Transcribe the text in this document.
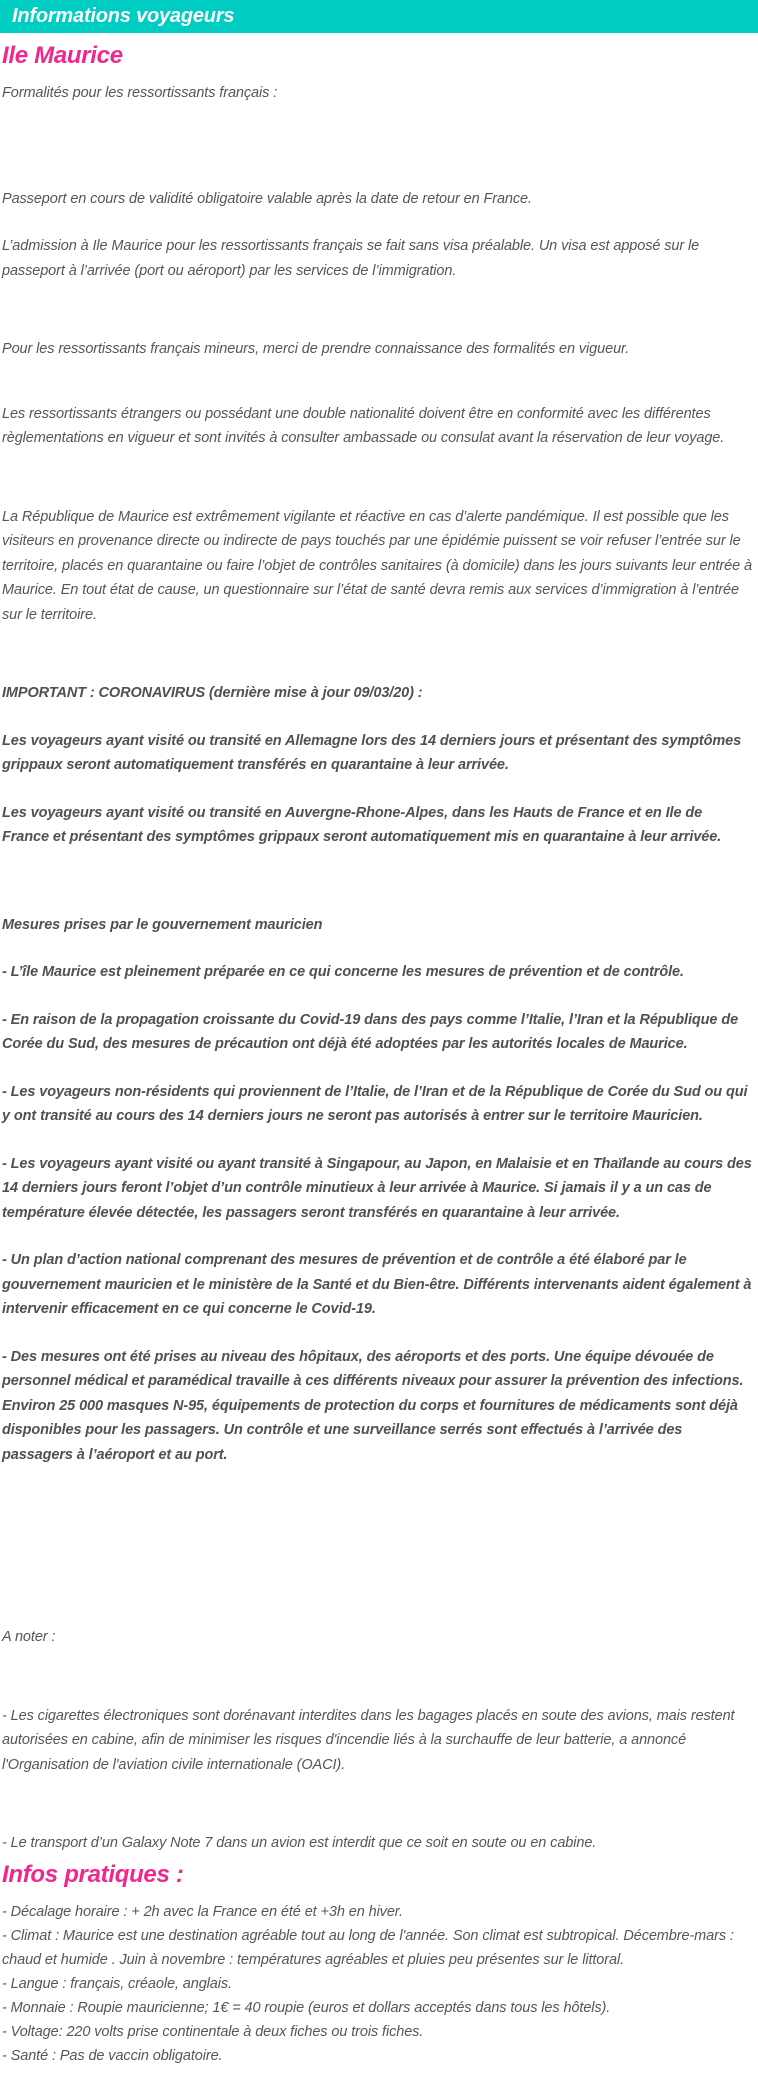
Informations voyageurs
Ile Maurice

Formalités pour les ressortissants français :

Passeport en cours de validité obligatoire valable après la date de retour en France.

L’admission à Ile Maurice pour les ressortissants français se fait sans visa préalable. Un visa est apposé sur le passeport à l’arrivée (port ou aéroport) par les services de l’immigration.

Pour les ressortissants français mineurs, merci de prendre connaissance des formalités en vigueur.

Les ressortissants étrangers ou possédant une double nationalité doivent être en conformité avec les différentes règlementations en vigueur et sont invités à consulter ambassade ou consulat avant la réservation de leur voyage.

La République de Maurice est extrêmement vigilante et réactive en cas d’alerte pandémique. Il est possible que les visiteurs en provenance directe ou indirecte de pays touchés par une épidémie puissent se voir refuser l’entrée sur le territoire, placés en quarantaine ou faire l’objet de contrôles sanitaires (à domicile) dans les jours suivants leur entrée à Maurice. En tout état de cause, un questionnaire sur l’état de santé devra remis aux services d’immigration à l’entrée sur le territoire.

IMPORTANT : CORONAVIRUS (dernière mise à jour 09/03/20) :

Les voyageurs ayant visité ou transité en Allemagne lors des 14 derniers jours et présentant des symptômes grippaux seront automatiquement transférés en quarantaine à leur arrivée.

Les voyageurs ayant visité ou transité en Auvergne-Rhone-Alpes, dans les Hauts de France et en Ile de France et présentant des symptômes grippaux seront automatiquement mis en quarantaine à leur arrivée.

Mesures prises par le gouvernement mauricien

- L’île Maurice est pleinement préparée en ce qui concerne les mesures de prévention et de contrôle.

- En raison de la propagation croissante du Covid-19 dans des pays comme l’Italie, l’Iran et la République de Corée du Sud, des mesures de précaution ont déjà été adoptées par les autorités locales de Maurice.

- Les voyageurs non-résidents qui proviennent de l’Italie, de l’Iran et de la République de Corée du Sud ou qui y ont transité au cours des 14 derniers jours ne seront pas autorisés à entrer sur le territoire Mauricien.

- Les voyageurs ayant visité ou ayant transité à Singapour, au Japon, en Malaisie et en Thaïlande au cours des 14 derniers jours feront l’objet d’un contrôle minutieux à leur arrivée à Maurice. Si jamais il y a un cas de température élevée détectée, les passagers seront transférés en quarantaine à leur arrivée.

- Un plan d’action national comprenant des mesures de prévention et de contrôle a été élaboré par le gouvernement mauricien et le ministère de la Santé et du Bien-être. Différents intervenants aident également à intervenir efficacement en ce qui concerne le Covid-19.

- Des mesures ont été prises au niveau des hôpitaux, des aéroports et des ports. Une équipe dévouée de personnel médical et paramédical travaille à ces différents niveaux pour assurer la prévention des infections. Environ 25 000 masques N-95, équipements de protection du corps et fournitures de médicaments sont déjà disponibles pour les passagers. Un contrôle et une surveillance serrés sont effectués à l’arrivée des passagers à l’aéroport et au port.

A noter :

- Les cigarettes électroniques sont dorénavant interdites dans les bagages placés en soute des avions, mais restent autorisées en cabine, afin de minimiser les risques d'incendie liés à la surchauffe de leur batterie, a annoncé l'Organisation de l'aviation civile internationale (OACI).

- Le transport d’un Galaxy Note 7 dans un avion est interdit que ce soit en soute ou en cabine.

Infos pratiques :

- Décalage horaire : + 2h avec la France en été et +3h en hiver.

- Climat : Maurice est une destination agréable tout au long de l'année. Son climat est subtropical. Décembre-mars : chaud et humide . Juin à novembre : températures agréables et pluies peu présentes sur le littoral.

- Langue : français, créaole, anglais.

- Monnaie : Roupie mauricienne; 1€ = 40 roupie (euros et dollars acceptés dans tous les hôtels).

- Voltage: 220 volts prise continentale à deux fiches ou trois fiches.

- Santé : Pas de vaccin obligatoire.
